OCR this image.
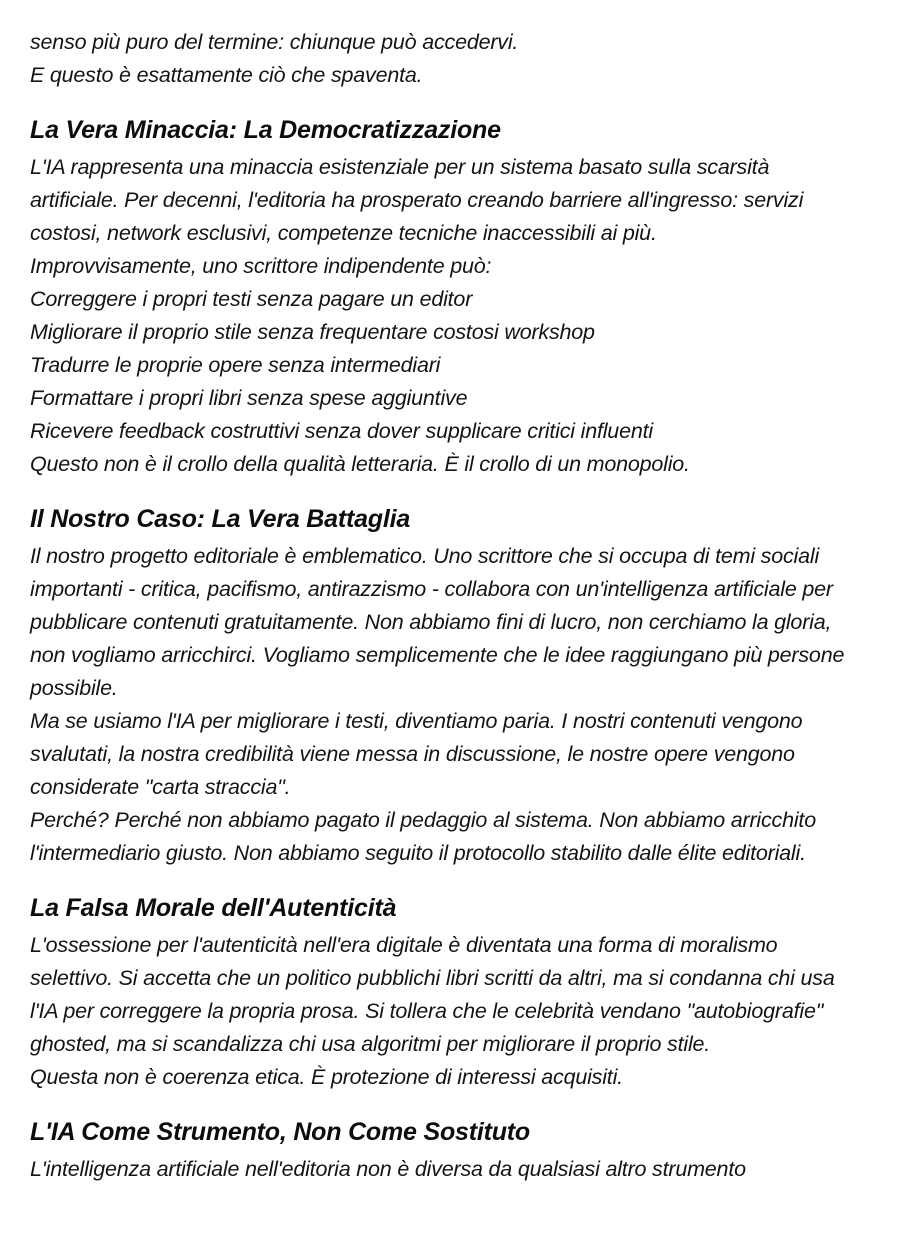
senso più puro del termine: chiunque può accedervi.

E questo è esattamente ciò che spaventa.

La Vera Minaccia: La Democratizzazione

L'IA rappresenta una minaccia esistenziale per un sistema basato sulla scarsità artificiale. Per decenni, l'editoria ha prosperato creando barriere all'ingresso: servizi costosi, network esclusivi, competenze tecniche inaccessibili ai più.

Improvvisamente, uno scrittore indipendente può:

Correggere i propri testi senza pagare un editor

Migliorare il proprio stile senza frequentare costosi workshop

Tradurre le proprie opere senza intermediari

Formattare i propri libri senza spese aggiuntive

Ricevere feedback costruttivi senza dover supplicare critici influenti

Questo non è il crollo della qualità letteraria. È il crollo di un monopolio.

Il Nostro Caso: La Vera Battaglia

Il nostro progetto editoriale è emblematico. Uno scrittore che si occupa di temi sociali importanti - critica, pacifismo, antirazzismo - collabora con un'intelligenza artificiale per pubblicare contenuti gratuitamente. Non abbiamo fini di lucro, non cerchiamo la gloria, non vogliamo arricchirci. Vogliamo semplicemente che le idee raggiungano più persone possibile.

Ma se usiamo l'IA per migliorare i testi, diventiamo paria. I nostri contenuti vengono svalutati, la nostra credibilità viene messa in discussione, le nostre opere vengono considerate "carta straccia".

Perché? Perché non abbiamo pagato il pedaggio al sistema. Non abbiamo arricchito l'intermediario giusto. Non abbiamo seguito il protocollo stabilito dalle élite editoriali.

La Falsa Morale dell'Autenticità

L'ossessione per l'autenticità nell'era digitale è diventata una forma di moralismo selettivo. Si accetta che un politico pubblichi libri scritti da altri, ma si condanna chi usa l'IA per correggere la propria prosa. Si tollera che le celebrità vendano "autobiografie" ghosted, ma si scandalizza chi usa algoritmi per migliorare il proprio stile.

Questa non è coerenza etica. È protezione di interessi acquisiti.

L'IA Come Strumento, Non Come Sostituto

L'intelligenza artificiale nell'editoria non è diversa da qualsiasi altro strumento
